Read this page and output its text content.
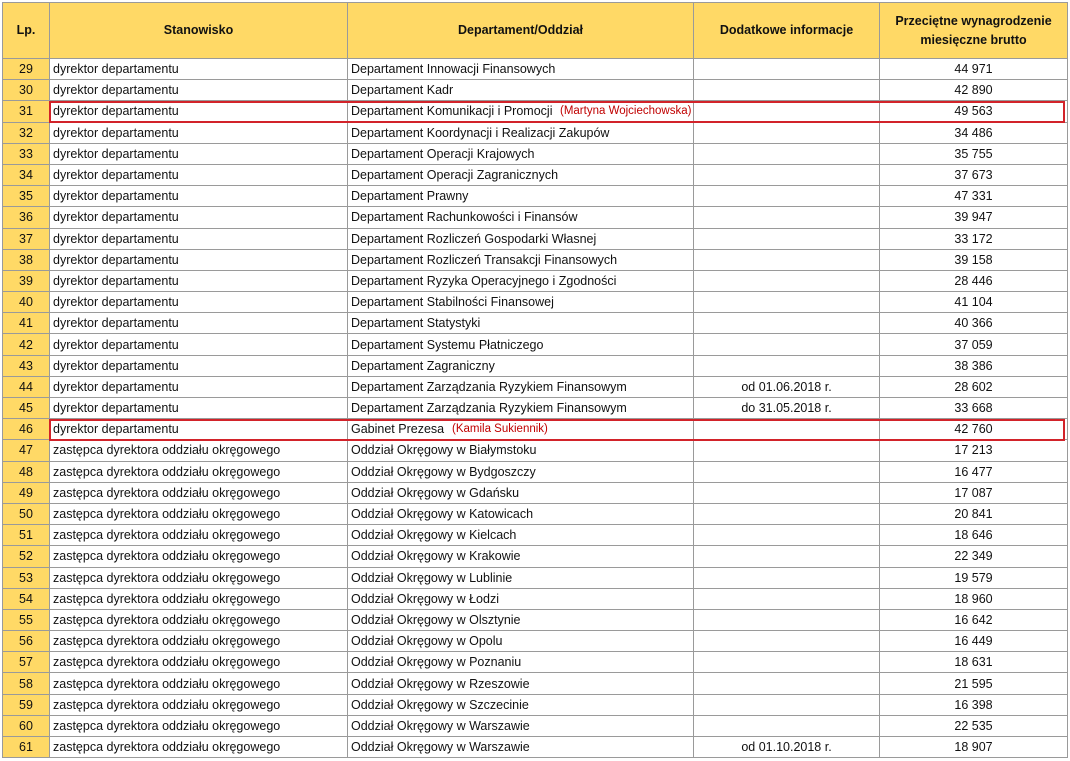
Lp.	Stanowisko	Departament/Oddział	Dodatkowe informacje	Przeciętne wynagrodzenie
miesięczne brutto
29	dyrektor departamentu	Departament Innowacji Finansowych		44 971
30	dyrektor departamentu	Departament Kadr		42 890
31	dyrektor departamentu	Departament Komunikacji i Promocji (Martyna Wojciechowska)		49 563
32	dyrektor departamentu	Departament Koordynacji i Realizacji Zakupów		34 486
33	dyrektor departamentu	Departament Operacji Krajowych		35 755
34	dyrektor departamentu	Departament Operacji Zagranicznych		37 673
35	dyrektor departamentu	Departament Prawny		47 331
36	dyrektor departamentu	Departament Rachunkowości i Finansów		39 947
37	dyrektor departamentu	Departament Rozliczeń Gospodarki Własnej		33 172
38	dyrektor departamentu	Departament Rozliczeń Transakcji Finansowych		39 158
39	dyrektor departamentu	Departament Ryzyka Operacyjnego i Zgodności		28 446
40	dyrektor departamentu	Departament Stabilności Finansowej		41 104
41	dyrektor departamentu	Departament Statystyki		40 366
42	dyrektor departamentu	Departament Systemu Płatniczego		37 059
43	dyrektor departamentu	Departament Zagraniczny		38 386
44	dyrektor departamentu	Departament Zarządzania Ryzykiem Finansowym	od 01.06.2018 r.	28 602
45	dyrektor departamentu	Departament Zarządzania Ryzykiem Finansowym	do 31.05.2018 r.	33 668
46	dyrektor departamentu	Gabinet Prezesa (Kamila Sukiennik)		42 760
47	zastępca dyrektora oddziału okręgowego	Oddział Okręgowy w Białymstoku		17 213
48	zastępca dyrektora oddziału okręgowego	Oddział Okręgowy w Bydgoszczy		16 477
49	zastępca dyrektora oddziału okręgowego	Oddział Okręgowy w Gdańsku		17 087
50	zastępca dyrektora oddziału okręgowego	Oddział Okręgowy w Katowicach		20 841
51	zastępca dyrektora oddziału okręgowego	Oddział Okręgowy w Kielcach		18 646
52	zastępca dyrektora oddziału okręgowego	Oddział Okręgowy w Krakowie		22 349
53	zastępca dyrektora oddziału okręgowego	Oddział Okręgowy w Lublinie		19 579
54	zastępca dyrektora oddziału okręgowego	Oddział Okręgowy w Łodzi		18 960
55	zastępca dyrektora oddziału okręgowego	Oddział Okręgowy w Olsztynie		16 642
56	zastępca dyrektora oddziału okręgowego	Oddział Okręgowy w Opolu		16 449
57	zastępca dyrektora oddziału okręgowego	Oddział Okręgowy w Poznaniu		18 631
58	zastępca dyrektora oddziału okręgowego	Oddział Okręgowy w Rzeszowie		21 595
59	zastępca dyrektora oddziału okręgowego	Oddział Okręgowy w Szczecinie		16 398
60	zastępca dyrektora oddziału okręgowego	Oddział Okręgowy w Warszawie		22 535
61	zastępca dyrektora oddziału okręgowego	Oddział Okręgowy w Warszawie	od 01.10.2018 r.	18 907
